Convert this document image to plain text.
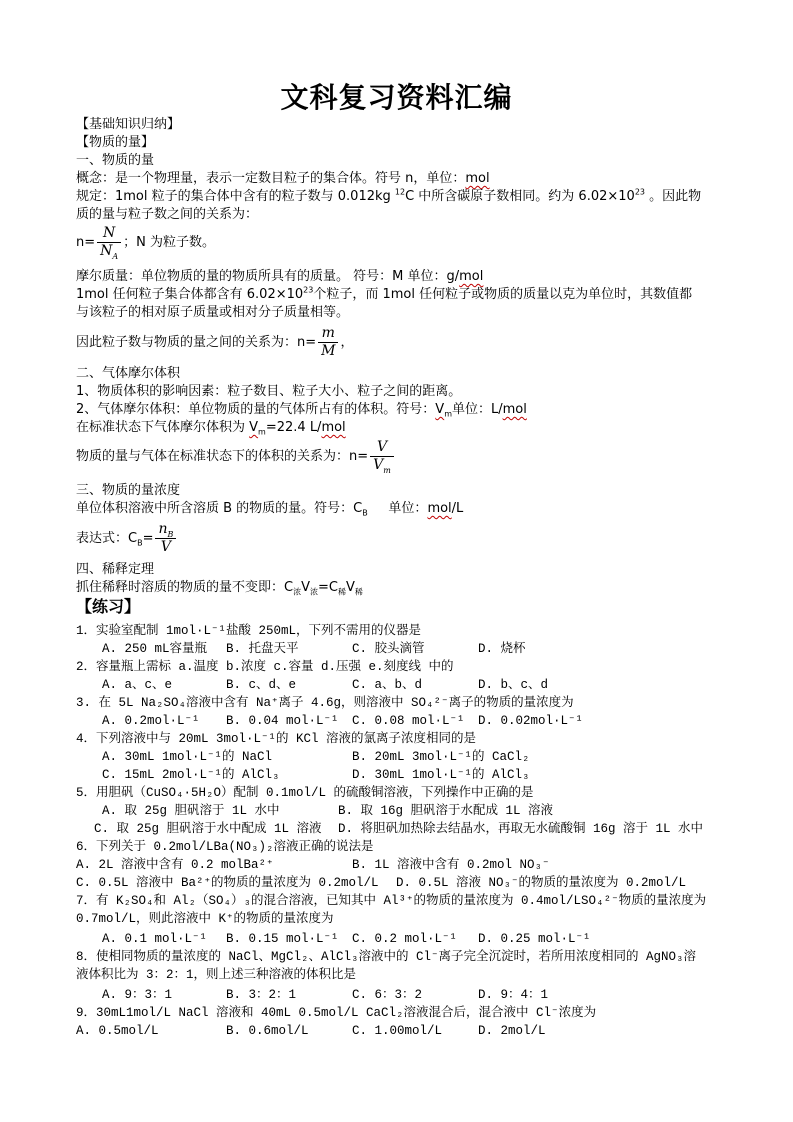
文科复习资料汇编
【基础知识归纳】
【物质的量】
一、物质的量
概念：是一个物理量，表示一定数目粒子的集合体。符号 n，单位：mol
规定：1mol 粒子的集合体中含有的粒子数与 0.012kg $^{12}$C 中所含碳原子数相同。约为 $6.02\times 10^{23}$ 。因此物
质的量与粒子数之间的关系为：
$n= \frac{N}{N_A}$ ；N 为粒子数。
摩尔质量：单位物质的量的物质所具有的质量。 符号：M 单位：g/mol
1mol 任何粒子集合体都含有 $6.02\times 10^{23}$个粒子，而 1mol 任何粒子或物质的质量以克为单位时，其数值都
与该粒子的相对原子质量或相对分子质量相等。
因此粒子数与物质的量之间的关系为：$n= \frac{m}{M}$ ，
二、气体摩尔体积
1、物质体积的影响因素：粒子数目、粒子大小、粒子之间的距离。
2、气体摩尔体积：单位物质的量的气体所占有的体积。符号：$V_m$单位：L/mol
在标准状态下气体摩尔体积为 $V_m=22.4$ L/mol
物质的量与气体在标准状态下的体积的关系为：$n= \frac{V}{V_m}$
三、物质的量浓度
单位体积溶液中所含溶质 B 的物质的量。符号：$C_B$     单位：mol/L
表达式：$C_B= \frac{n_B}{V}$
四、稀释定理
抓住稀释时溶质的物质的量不变即：$C_浓V_浓=C_稀V_稀$
【练习】
1．实验室配制 1mol·L⁻¹盐酸 250mL，下列不需用的仪器是
A. 250 mL容量瓶 B. 托盘天平	C. 胶头滴管	D. 烧杯
2．容量瓶上需标 a.温度 b.浓度 c.容量 d.压强 e.刻度线 中的
A. a、c、e	B. c、d、e	C. a、b、d	D. b、c、d
3. 在 5L Na₂SO₄溶液中含有 Na⁺离子 4.6g，则溶液中 SO₄²⁻离子的物质的量浓度为
A. 0.2mol·L⁻¹ B. 0.04 mol·L⁻¹ C. 0.08 mol·L⁻¹ D. 0.02mol·L⁻¹
4．下列溶液中与 20mL 3mol·L⁻¹的 KCl 溶液的氯离子浓度相同的是
A. 30mL 1mol·L⁻¹的 NaCl	B. 20mL 3mol·L⁻¹的 CaCl₂
C. 15mL 2mol·L⁻¹的 AlCl₃	D. 30mL 1mol·L⁻¹的 AlCl₃
5．用胆矾（CuSO₄·5H₂O）配制 0.1mol/L 的硫酸铜溶液，下列操作中正确的是
A. 取 25g 胆矾溶于 1L 水中	B. 取 16g 胆矾溶于水配成 1L 溶液
C. 取 25g 胆矾溶于水中配成 1L 溶液 D. 将胆矾加热除去结晶水，再取无水硫酸铜 16g 溶于 1L 水中
6．下列关于 0.2mol/LBa(NO₃)₂溶液正确的说法是
A. 2L 溶液中含有 0.2 molBa²⁺	B. 1L 溶液中含有 0.2mol NO₃⁻
C. 0.5L 溶液中 Ba²⁺的物质的量浓度为 0.2mol/L D. 0.5L 溶液 NO₃⁻的物质的量浓度为 0.2mol/L
7．有 K₂SO₄和 Al₂（SO₄）₃的混合溶液，已知其中 Al³⁺的物质的量浓度为 0.4mol/LSO₄²⁻物质的量浓度为
0.7mol/L，则此溶液中 K⁺的物质的量浓度为
A. 0.1 mol·L⁻¹ B. 0.15 mol·L⁻¹ C. 0.2 mol·L⁻¹ D. 0.25 mol·L⁻¹
8．使相同物质的量浓度的 NaCl、MgCl₂、AlCl₃溶液中的 Cl⁻离子完全沉淀时，若所用浓度相同的 AgNO₃溶
液体积比为 3：2：1，则上述三种溶液的体积比是
A. 9：3：1	B. 3：2：1	C. 6：3：2	D. 9：4：1
9．30mL1mol/L NaCl 溶液和 40mL 0.5mol/L CaCl₂溶液混合后，混合液中 Cl⁻浓度为
A. 0.5mol/L	B. 0.6mol/L	C. 1.00mol/L	D. 2mol/L
